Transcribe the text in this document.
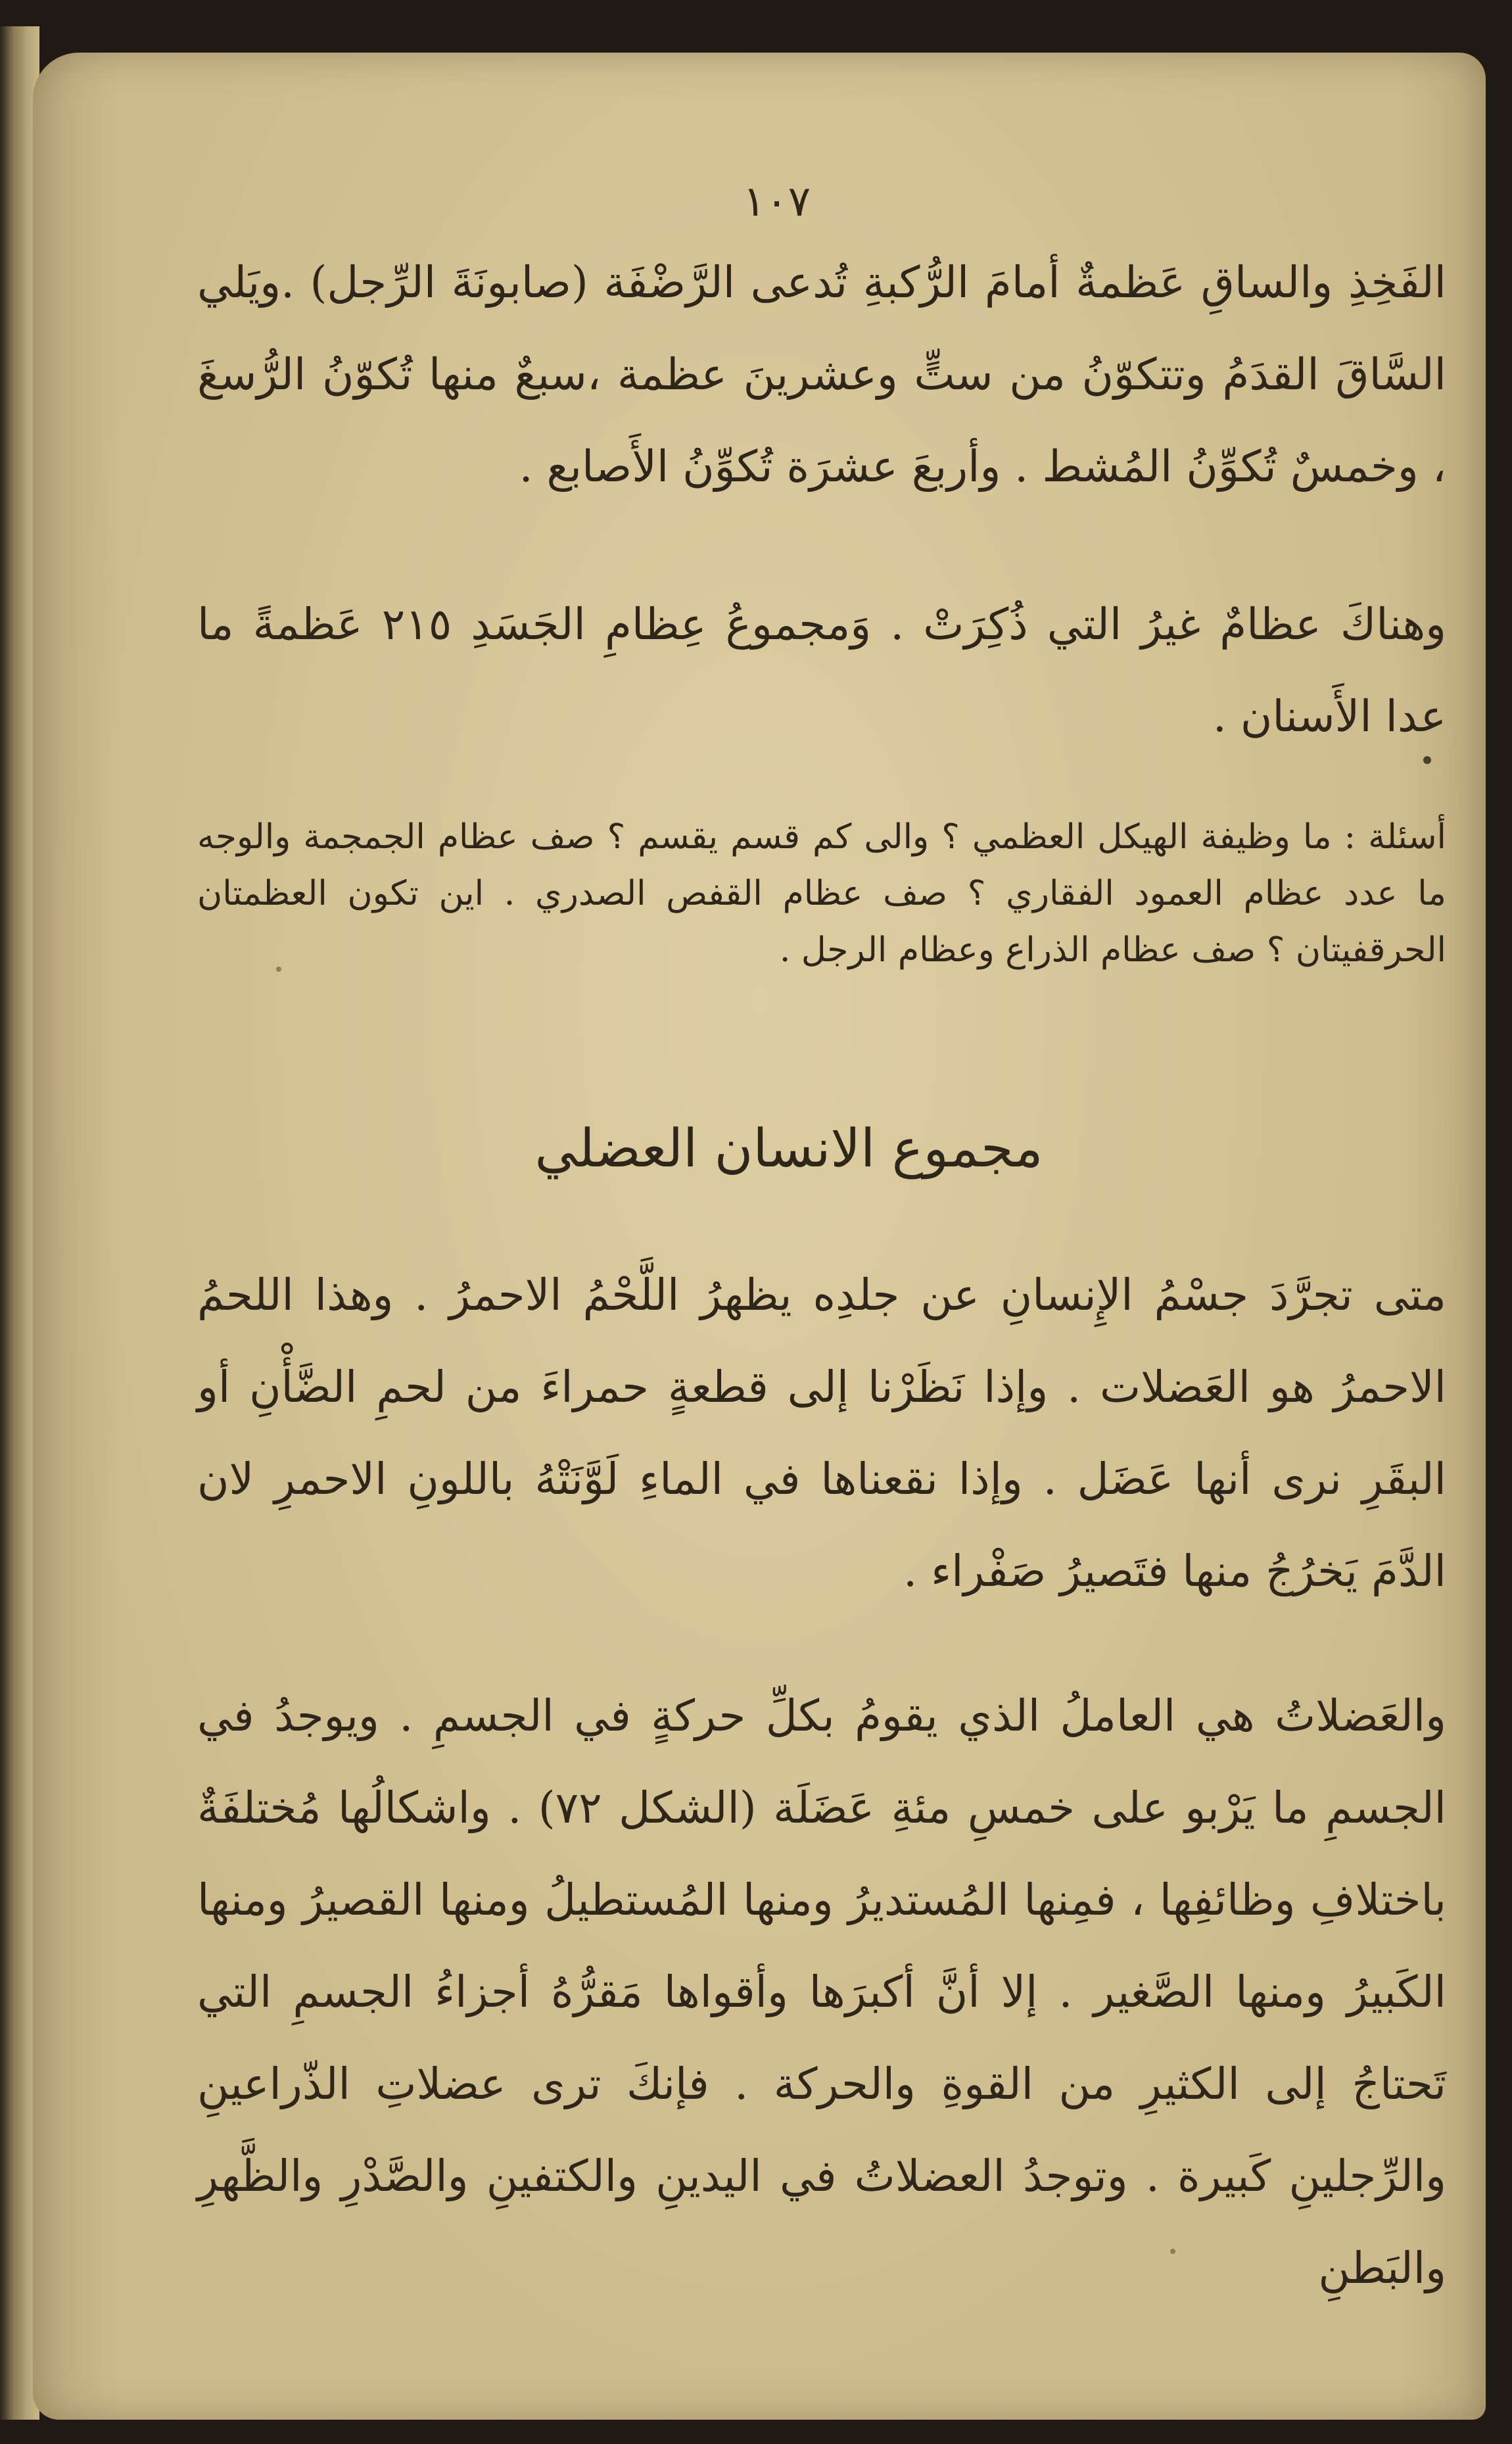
١٠٧
الفَخِذِ والساقِ عَظمةٌ أمامَ الرُّكبةِ تُدعى الرَّضْفَة (صابونَةَ الرِّجل) .ويَلي السَّاقَ القدَمُ وتتكوّنُ من ستٍّ وعشرينَ عظمة ،سبعٌ منها تُكوّنُ الرُّسغَ ، وخمسٌ تُكوِّنُ المُشط . وأربعَ عشرَة تُكوِّنُ الأَصابع .
وهناكَ عظامٌ غيرُ التي ذُكِرَتْ . وَمجموعُ عِظامِ الجَسَدِ ٢١٥ عَظمةً ما عدا الأَسنان .
أسئلة : ما وظيفة الهيكل العظمي ؟ والى كم قسم يقسم ؟ صف عظام الجمجمة والوجه ما عدد عظام العمود الفقاري ؟ صف عظام القفص الصدري . اين تكون العظمتان الحرقفيتان ؟ صف عظام الذراع وعظام الرجل .
مجموع الانسان العضلي
متى تجرَّدَ جسْمُ الإِنسانِ عن جلدِه يظهرُ اللَّحْمُ الاحمرُ . وهذا اللحمُ الاحمرُ هو العَضلات . وإذا نَظَرْنا إلى قطعةٍ حمراءَ من لحمِ الضَّأْنِ أو البقَرِ نرى أنها عَضَل . وإذا نقعناها في الماءِ لَوَّنَتْهُ باللونِ الاحمرِ لان الدَّمَ يَخرُجُ منها فتَصيرُ صَفْراء .
والعَضلاتُ هي العاملُ الذي يقومُ بكلِّ حركةٍ في الجسمِ . ويوجدُ في الجسمِ ما يَرْبو على خمسِ مئةِ عَضَلَة (الشكل ٧٢) . واشكالُها مُختلفَةٌ باختلافِ وظائفِها ، فمِنها المُستديرُ ومنها المُستطيلُ ومنها القصيرُ ومنها الكَبيرُ ومنها الصَّغير . إلا أنَّ أكبرَها وأقواها مَقرُّهُ أجزاءُ الجسمِ التي تَحتاجُ إلى الكثيرِ من القوةِ والحركة . فإنكَ ترى عضلاتِ الذّراعينِ والرِّجلينِ كَبيرة . وتوجدُ العضلاتُ في اليدينِ والكتفينِ والصَّدْرِ والظَّهرِ والبَطنِ
